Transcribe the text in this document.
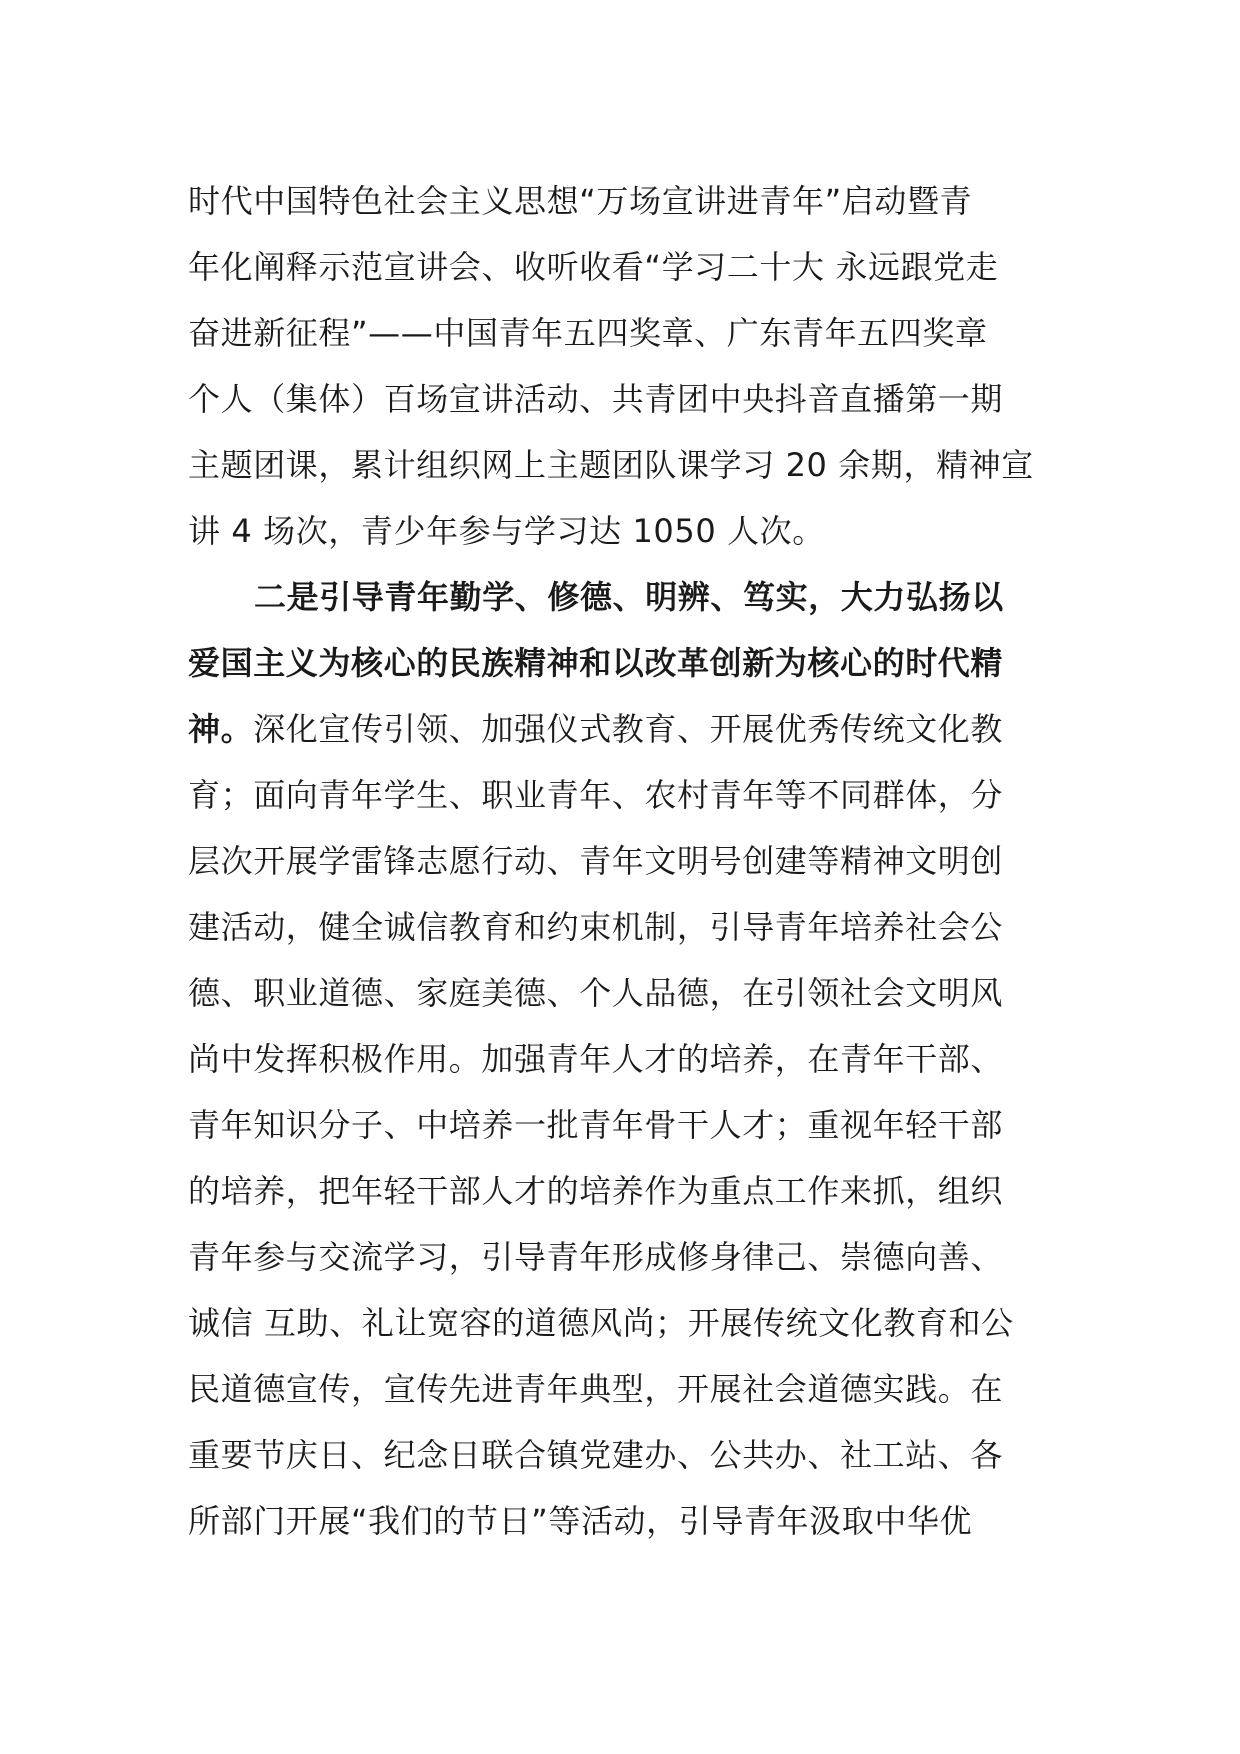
时代中国特色社会主义思想“万场宣讲进青年”启动暨青
年化阐释示范宣讲会、收听收看“学习二十大 永远跟党走
奋进新征程”——中国青年五四奖章、广东青年五四奖章
个人（集体）百场宣讲活动、共青团中央抖音直播第一期
主题团课，累计组织网上主题团队课学习 20 余期，精神宣
讲 4 场次，青少年参与学习达 1050 人次。
二是引导青年勤学、修德、明辨、笃实，大力弘扬以
爱国主义为核心的民族精神和以改革创新为核心的时代精
神。深化宣传引领、加强仪式教育、开展优秀传统文化教
育；面向青年学生、职业青年、农村青年等不同群体，分
层次开展学雷锋志愿行动、青年文明号创建等精神文明创
建活动，健全诚信教育和约束机制，引导青年培养社会公
德、职业道德、家庭美德、个人品德，在引领社会文明风
尚中发挥积极作用。加强青年人才的培养，在青年干部、
青年知识分子、中培养一批青年骨干人才；重视年轻干部
的培养，把年轻干部人才的培养作为重点工作来抓，组织
青年参与交流学习，引导青年形成修身律己、崇德向善、
诚信 互助、礼让宽容的道德风尚；开展传统文化教育和公
民道德宣传，宣传先进青年典型，开展社会道德实践。在
重要节庆日、纪念日联合镇党建办、公共办、社工站、各
所部门开展“我们的节日”等活动，引导青年汲取中华优
